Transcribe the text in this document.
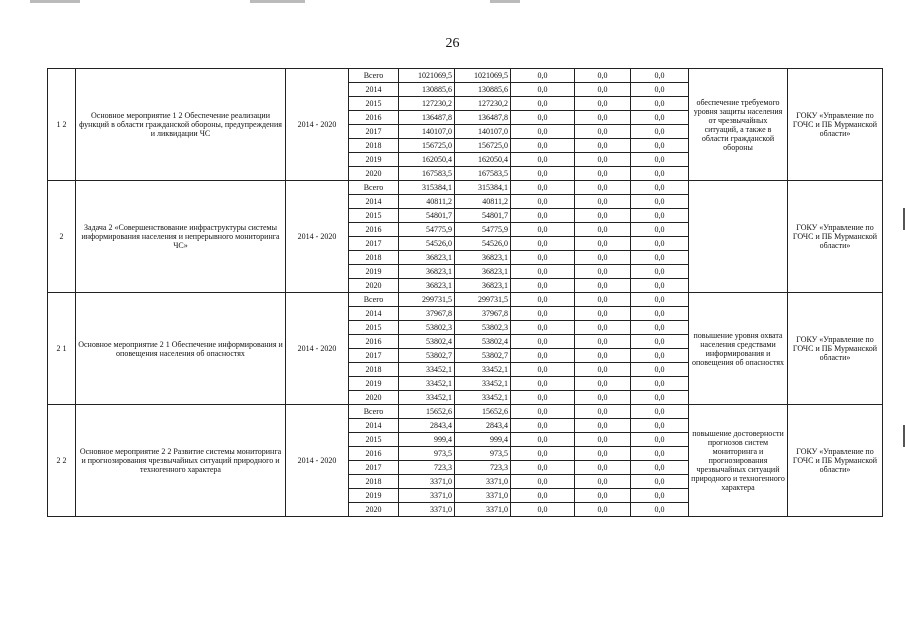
26
1 2	Основное мероприятие 1 2 Обеспечение реализации функций в области гражданской обороны, предупреждения и ликвидации ЧС	2014 - 2020	Всего	1021069,5	1021069,5	0,0	0,0	0,0	обеспечение требуемого уровня защиты населения от чрезвычайных ситуаций, а также в области гражданской обороны	ГОКУ «Управление по ГОЧС и ПБ Мурманской области»
			2014	130885,6	130885,6	0,0	0,0	0,0		
			2015	127230,2	127230,2	0,0	0,0	0,0		
			2016	136487,8	136487,8	0,0	0,0	0,0		
			2017	140107,0	140107,0	0,0	0,0	0,0		
			2018	156725,0	156725,0	0,0	0,0	0,0		
			2019	162050,4	162050,4	0,0	0,0	0,0		
			2020	167583,5	167583,5	0,0	0,0	0,0		
2	Задача 2 «Совершенствование инфраструктуры системы информирования населения и непрерывного мониторинга ЧС»	2014 - 2020	Всего	315384,1	315384,1	0,0	0,0	0,0		ГОКУ «Управление по ГОЧС и ПБ Мурманской области»
			2014	40811,2	40811,2	0,0	0,0	0,0		
			2015	54801,7	54801,7	0,0	0,0	0,0		
			2016	54775,9	54775,9	0,0	0,0	0,0		
			2017	54526,0	54526,0	0,0	0,0	0,0		
			2018	36823,1	36823,1	0,0	0,0	0,0		
			2019	36823,1	36823,1	0,0	0,0	0,0		
			2020	36823,1	36823,1	0,0	0,0	0,0		
2 1	Основное мероприятие 2 1 Обеспечение информирования и оповещения населения об опасностях	2014 - 2020	Всего	299731,5	299731,5	0,0	0,0	0,0	повышение уровня охвата населения средствами информирования и оповещения об опасностях	ГОКУ «Управление по ГОЧС и ПБ Мурманской области»
			2014	37967,8	37967,8	0,0	0,0	0,0		
			2015	53802,3	53802,3	0,0	0,0	0,0		
			2016	53802,4	53802,4	0,0	0,0	0,0		
			2017	53802,7	53802,7	0,0	0,0	0,0		
			2018	33452,1	33452,1	0,0	0,0	0,0		
			2019	33452,1	33452,1	0,0	0,0	0,0		
			2020	33452,1	33452,1	0,0	0,0	0,0		
2 2	Основное мероприятие 2 2 Развитие системы мониторинга и прогнозирования чрезвычайных ситуаций природного и техногенного характера	2014 - 2020	Всего	15652,6	15652,6	0,0	0,0	0,0	повышение достоверности прогнозов систем мониторинга и прогнозирования чрезвычайных ситуаций природного и техногенного характера	ГОКУ «Управление по ГОЧС и ПБ Мурманской области»
			2014	2843,4	2843,4	0,0	0,0	0,0		
			2015	999,4	999,4	0,0	0,0	0,0		
			2016	973,5	973,5	0,0	0,0	0,0		
			2017	723,3	723,3	0,0	0,0	0,0		
			2018	3371,0	3371,0	0,0	0,0	0,0		
			2019	3371,0	3371,0	0,0	0,0	0,0		
			2020	3371,0	3371,0	0,0	0,0	0,0		
